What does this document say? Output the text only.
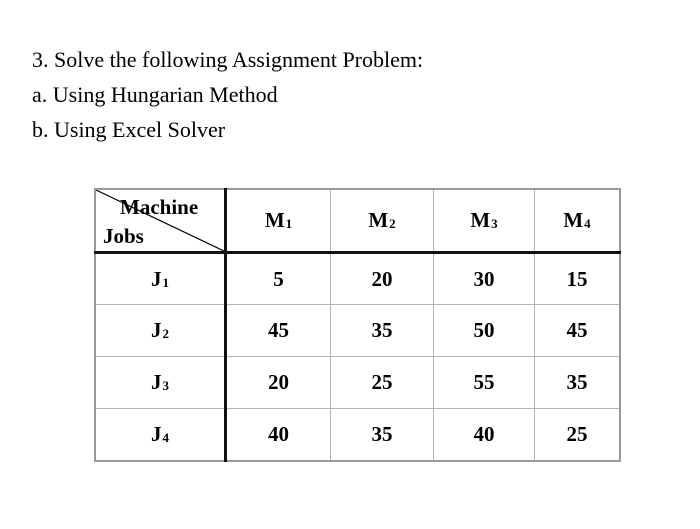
3. Solve the following Assignment Problem:
a. Using Hungarian Method
b. Using Excel Solver
Machine
Jobs	$M_1$	$M_2$	$M_3$	$M_4$
$J_1$	5	20	30	15
$J_2$	45	35	50	45
$J_3$	20	25	55	35
$J_4$	40	35	40	25
